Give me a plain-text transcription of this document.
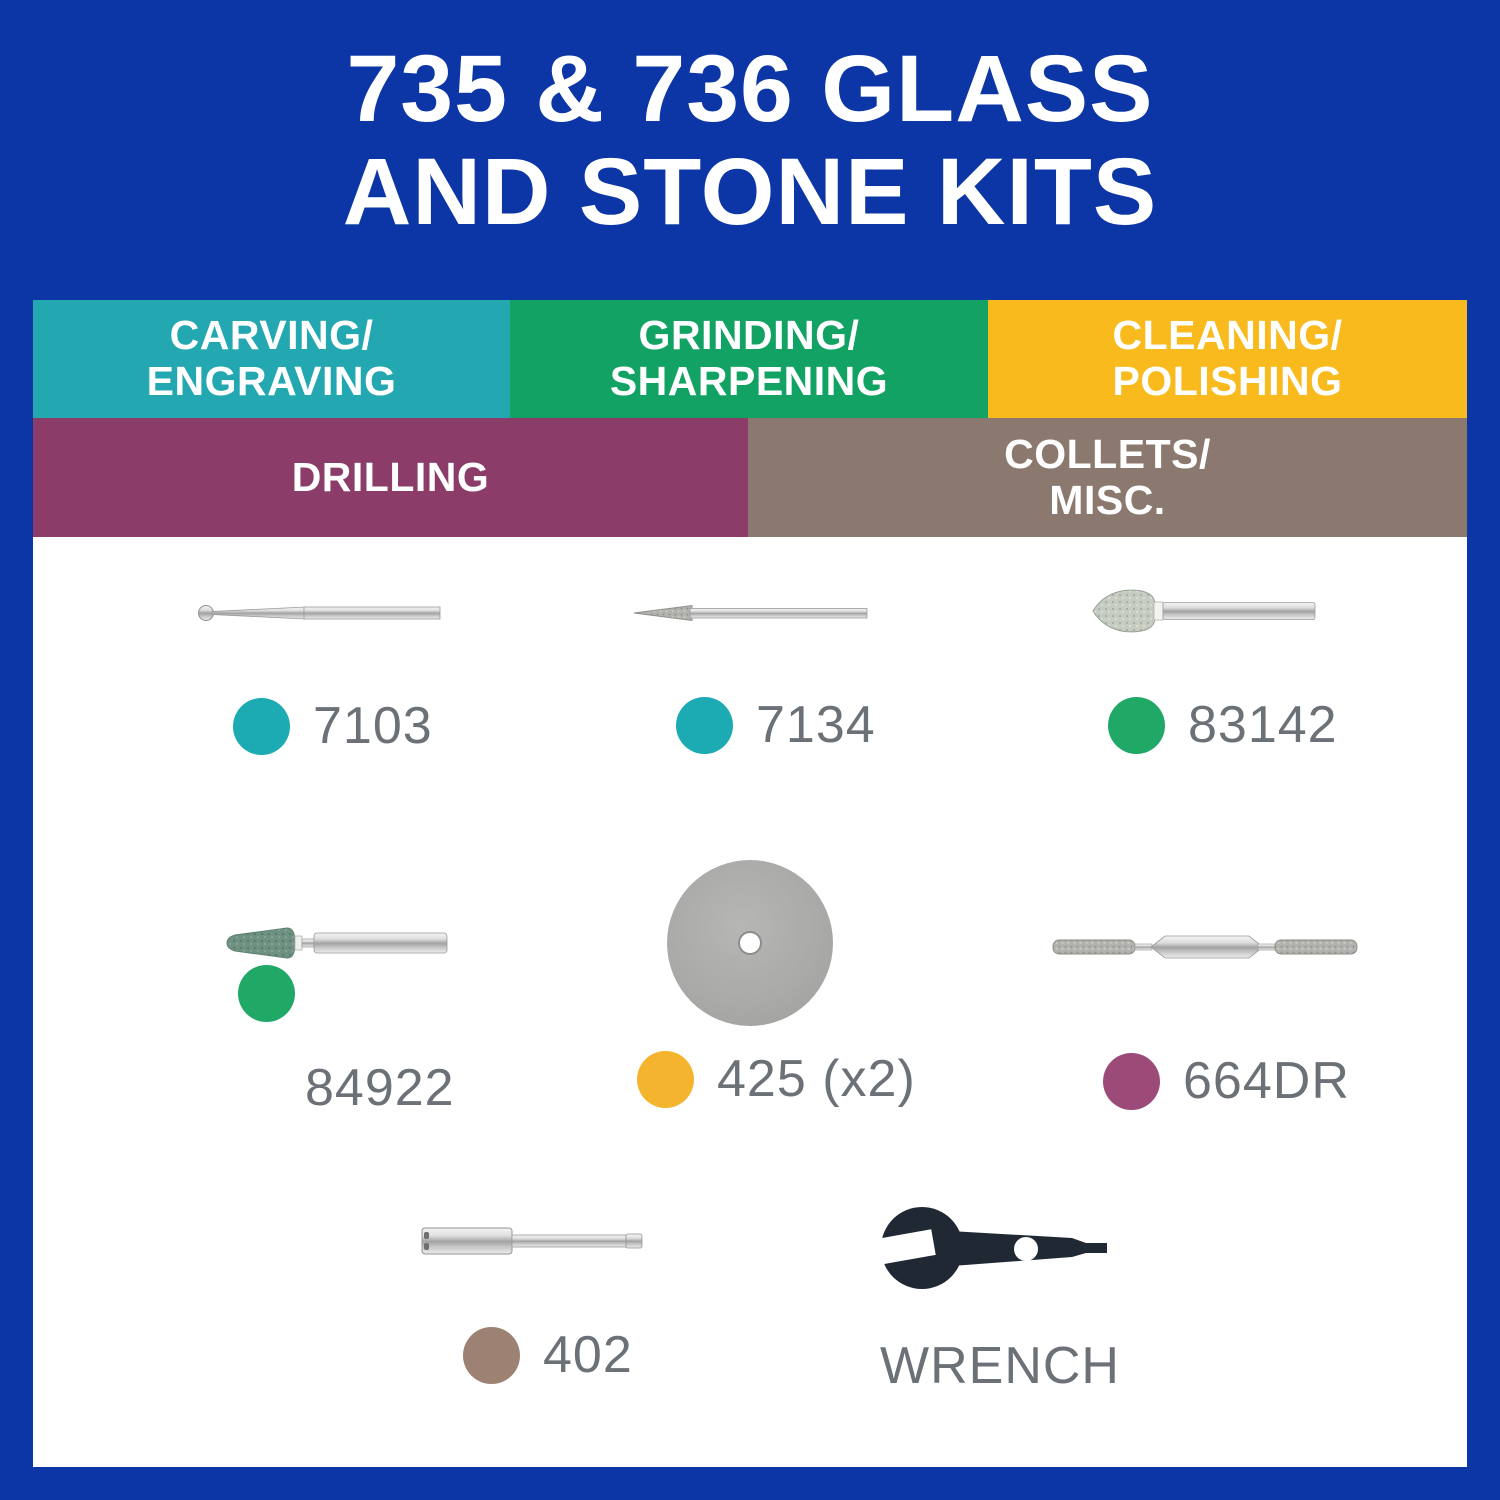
735 & 736 GLASS
AND STONE KITS
CARVING/
ENGRAVING
GRINDING/
SHARPENING
CLEANING/
POLISHING
DRILLING	COLLETS/
MISC.
7103	7134	83142
84922	425 (x2)	664DR
402	WRENCH
